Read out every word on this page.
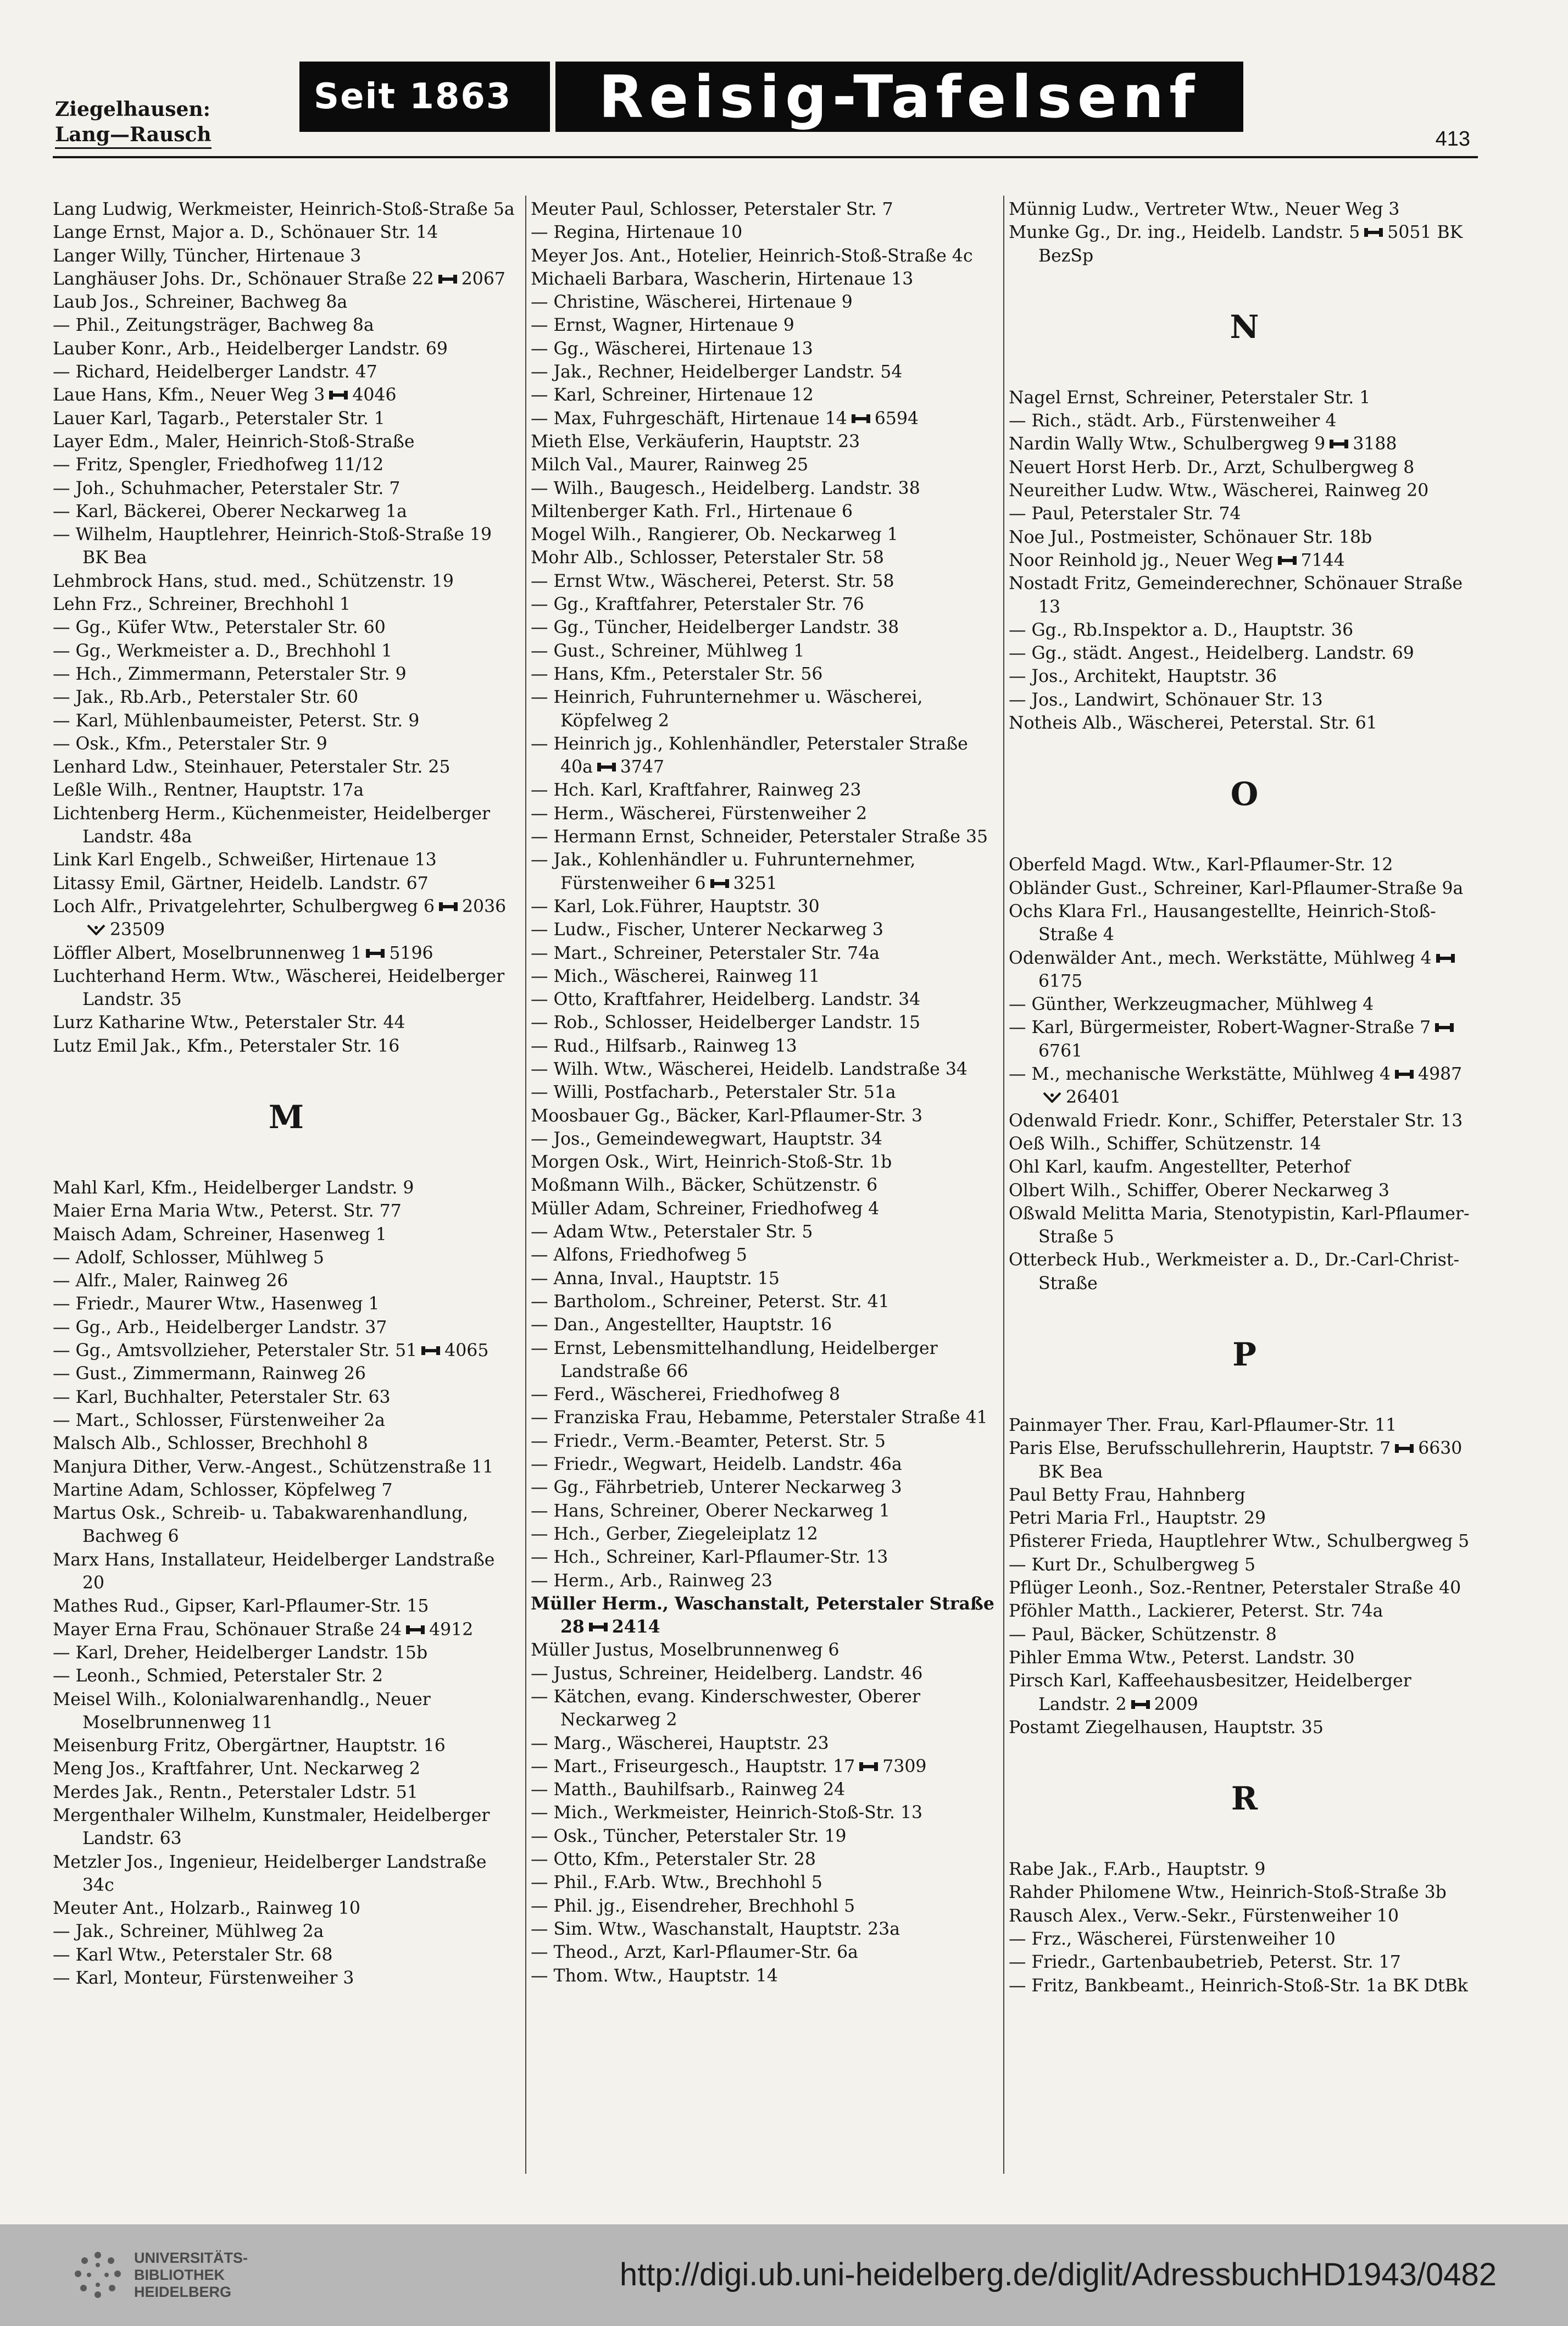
Ziegelhausen:
Lang—Rausch
Seit 1863	Reisig-Tafelsenf
413

Lang Ludwig, Werkmeister, Heinrich-Stoß-Straße 5a

Lange Ernst, Major a. D., Schönauer Str. 14

Langer Willy, Tüncher, Hirtenaue 3

Langhäuser Johs. Dr., Schönauer Straße 22 2067

Laub Jos., Schreiner, Bachweg 8a

— Phil., Zeitungsträger, Bachweg 8a

Lauber Konr., Arb., Heidelberger Landstr. 69

— Richard, Heidelberger Landstr. 47

Laue Hans, Kfm., Neuer Weg 3 4046

Lauer Karl, Tagarb., Peterstaler Str. 1

Layer Edm., Maler, Heinrich-Stoß-Straße

— Fritz, Spengler, Friedhofweg 11/12

— Joh., Schuhmacher, Peterstaler Str. 7

— Karl, Bäckerei, Oberer Neckarweg 1a

— Wilhelm, Hauptlehrer, Heinrich-Stoß-Straße 19 BK Bea

Lehmbrock Hans, stud. med., Schützenstr. 19

Lehn Frz., Schreiner, Brechhohl 1

— Gg., Küfer Wtw., Peterstaler Str. 60

— Gg., Werkmeister a. D., Brechhohl 1

— Hch., Zimmermann, Peterstaler Str. 9

— Jak., Rb.Arb., Peterstaler Str. 60

— Karl, Mühlenbaumeister, Peterst. Str. 9

— Osk., Kfm., Peterstaler Str. 9

Lenhard Ldw., Steinhauer, Peterstaler Str. 25

Leßle Wilh., Rentner, Hauptstr. 17a

Lichtenberg Herm., Küchenmeister, Heidelberger Landstr. 48a

Link Karl Engelb., Schweißer, Hirtenaue 13

Litassy Emil, Gärtner, Heidelb. Landstr. 67

Loch Alfr., Privatgelehrter, Schulbergweg 6 203623509

Löffler Albert, Moselbrunnenweg 1 5196

Luchterhand Herm. Wtw., Wäscherei, Heidelberger Landstr. 35

Lurz Katharine Wtw., Peterstaler Str. 44

Lutz Emil Jak., Kfm., Peterstaler Str. 16

M

Mahl Karl, Kfm., Heidelberger Landstr. 9

Maier Erna Maria Wtw., Peterst. Str. 77

Maisch Adam, Schreiner, Hasenweg 1

— Adolf, Schlosser, Mühlweg 5

— Alfr., Maler, Rainweg 26

— Friedr., Maurer Wtw., Hasenweg 1

— Gg., Arb., Heidelberger Landstr. 37

— Gg., Amtsvollzieher, Peterstaler Str. 51 4065

— Gust., Zimmermann, Rainweg 26

— Karl, Buchhalter, Peterstaler Str. 63

— Mart., Schlosser, Fürstenweiher 2a

Malsch Alb., Schlosser, Brechhohl 8

Manjura Dither, Verw.-Angest., Schützenstraße 11

Martine Adam, Schlosser, Köpfelweg 7

Martus Osk., Schreib- u. Tabakwarenhandlung, Bachweg 6

Marx Hans, Installateur, Heidelberger Landstraße 20

Mathes Rud., Gipser, Karl-Pflaumer-Str. 15

Mayer Erna Frau, Schönauer Straße 24 4912

— Karl, Dreher, Heidelberger Landstr. 15b

— Leonh., Schmied, Peterstaler Str. 2

Meisel Wilh., Kolonialwarenhandlg., Neuer Moselbrunnenweg 11

Meisenburg Fritz, Obergärtner, Hauptstr. 16

Meng Jos., Kraftfahrer, Unt. Neckarweg 2

Merdes Jak., Rentn., Peterstaler Ldstr. 51

Mergenthaler Wilhelm, Kunstmaler, Heidelberger Landstr. 63

Metzler Jos., Ingenieur, Heidelberger Landstraße 34c

Meuter Ant., Holzarb., Rainweg 10

— Jak., Schreiner, Mühlweg 2a

— Karl Wtw., Peterstaler Str. 68

— Karl, Monteur, Fürstenweiher 3

Meuter Paul, Schlosser, Peterstaler Str. 7

— Regina, Hirtenaue 10

Meyer Jos. Ant., Hotelier, Heinrich-Stoß-Straße 4c

Michaeli Barbara, Wascherin, Hirtenaue 13

— Christine, Wäscherei, Hirtenaue 9

— Ernst, Wagner, Hirtenaue 9

— Gg., Wäscherei, Hirtenaue 13

— Jak., Rechner, Heidelberger Landstr. 54

— Karl, Schreiner, Hirtenaue 12

— Max, Fuhrgeschäft, Hirtenaue 14 6594

Mieth Else, Verkäuferin, Hauptstr. 23

Milch Val., Maurer, Rainweg 25

— Wilh., Baugesch., Heidelberg. Landstr. 38

Miltenberger Kath. Frl., Hirtenaue 6

Mogel Wilh., Rangierer, Ob. Neckarweg 1

Mohr Alb., Schlosser, Peterstaler Str. 58

— Ernst Wtw., Wäscherei, Peterst. Str. 58

— Gg., Kraftfahrer, Peterstaler Str. 76

— Gg., Tüncher, Heidelberger Landstr. 38

— Gust., Schreiner, Mühlweg 1

— Hans, Kfm., Peterstaler Str. 56

— Heinrich, Fuhrunternehmer u. Wäscherei, Köpfelweg 2

— Heinrich jg., Kohlenhändler, Peterstaler Straße 40a 3747

— Hch. Karl, Kraftfahrer, Rainweg 23

— Herm., Wäscherei, Fürstenweiher 2

— Hermann Ernst, Schneider, Peterstaler Straße 35

— Jak., Kohlenhändler u. Fuhrunternehmer, Fürstenweiher 6 3251

— Karl, Lok.Führer, Hauptstr. 30

— Ludw., Fischer, Unterer Neckarweg 3

— Mart., Schreiner, Peterstaler Str. 74a

— Mich., Wäscherei, Rainweg 11

— Otto, Kraftfahrer, Heidelberg. Landstr. 34

— Rob., Schlosser, Heidelberger Landstr. 15

— Rud., Hilfsarb., Rainweg 13

— Wilh. Wtw., Wäscherei, Heidelb. Landstraße 34

— Willi, Postfacharb., Peterstaler Str. 51a

Moosbauer Gg., Bäcker, Karl-Pflaumer-Str. 3

— Jos., Gemeindewegwart, Hauptstr. 34

Morgen Osk., Wirt, Heinrich-Stoß-Str. 1b

Moßmann Wilh., Bäcker, Schützenstr. 6

Müller Adam, Schreiner, Friedhofweg 4

— Adam Wtw., Peterstaler Str. 5

— Alfons, Friedhofweg 5

— Anna, Inval., Hauptstr. 15

— Bartholom., Schreiner, Peterst. Str. 41

— Dan., Angestellter, Hauptstr. 16

— Ernst, Lebensmittelhandlung, Heidelberger Landstraße 66

— Ferd., Wäscherei, Friedhofweg 8

— Franziska Frau, Hebamme, Peterstaler Straße 41

— Friedr., Verm.-Beamter, Peterst. Str. 5

— Friedr., Wegwart, Heidelb. Landstr. 46a

— Gg., Fährbetrieb, Unterer Neckarweg 3

— Hans, Schreiner, Oberer Neckarweg 1

— Hch., Gerber, Ziegeleiplatz 12

— Hch., Schreiner, Karl-Pflaumer-Str. 13

— Herm., Arb., Rainweg 23

Müller Herm., Waschanstalt, Peterstaler Straße 28 2414

Müller Justus, Moselbrunnenweg 6

— Justus, Schreiner, Heidelberg. Landstr. 46

— Kätchen, evang. Kinderschwester, Oberer Neckarweg 2

— Marg., Wäscherei, Hauptstr. 23

— Mart., Friseurgesch., Hauptstr. 17 7309

— Matth., Bauhilfsarb., Rainweg 24

— Mich., Werkmeister, Heinrich-Stoß-Str. 13

— Osk., Tüncher, Peterstaler Str. 19

— Otto, Kfm., Peterstaler Str. 28

— Phil., F.Arb. Wtw., Brechhohl 5

— Phil. jg., Eisendreher, Brechhohl 5

— Sim. Wtw., Waschanstalt, Hauptstr. 23a

— Theod., Arzt, Karl-Pflaumer-Str. 6a

— Thom. Wtw., Hauptstr. 14

Münnig Ludw., Vertreter Wtw., Neuer Weg 3

Munke Gg., Dr. ing., Heidelb. Landstr. 5 5051 BK BezSp

N

Nagel Ernst, Schreiner, Peterstaler Str. 1

— Rich., städt. Arb., Fürstenweiher 4

Nardin Wally Wtw., Schulbergweg 9 3188

Neuert Horst Herb. Dr., Arzt, Schulbergweg 8

Neureither Ludw. Wtw., Wäscherei, Rainweg 20

— Paul, Peterstaler Str. 74

Noe Jul., Postmeister, Schönauer Str. 18b

Noor Reinhold jg., Neuer Weg 7144

Nostadt Fritz, Gemeinderechner, Schönauer Straße 13

— Gg., Rb.Inspektor a. D., Hauptstr. 36

— Gg., städt. Angest., Heidelberg. Landstr. 69

— Jos., Architekt, Hauptstr. 36

— Jos., Landwirt, Schönauer Str. 13

Notheis Alb., Wäscherei, Peterstal. Str. 61

O

Oberfeld Magd. Wtw., Karl-Pflaumer-Str. 12

Obländer Gust., Schreiner, Karl-Pflaumer-Straße 9a

Ochs Klara Frl., Hausangestellte, Heinrich-Stoß-Straße 4

Odenwälder Ant., mech. Werkstätte, Mühlweg 46175

— Günther, Werkzeugmacher, Mühlweg 4

— Karl, Bürgermeister, Robert-Wagner-Straße 76761

— M., mechanische Werkstätte, Mühlweg 4 498726401

Odenwald Friedr. Konr., Schiffer, Peterstaler Str. 13

Oeß Wilh., Schiffer, Schützenstr. 14

Ohl Karl, kaufm. Angestellter, Peterhof

Olbert Wilh., Schiffer, Oberer Neckarweg 3

Oßwald Melitta Maria, Stenotypistin, Karl-Pflaumer-Straße 5

Otterbeck Hub., Werkmeister a. D., Dr.-Carl-Christ-Straße

P

Painmayer Ther. Frau, Karl-Pflaumer-Str. 11

Paris Else, Berufsschullehrerin, Hauptstr. 7 6630 BK Bea

Paul Betty Frau, Hahnberg

Petri Maria Frl., Hauptstr. 29

Pfisterer Frieda, Hauptlehrer Wtw., Schulbergweg 5

— Kurt Dr., Schulbergweg 5

Pflüger Leonh., Soz.-Rentner, Peterstaler Straße 40

Pföhler Matth., Lackierer, Peterst. Str. 74a

— Paul, Bäcker, Schützenstr. 8

Pihler Emma Wtw., Peterst. Landstr. 30

Pirsch Karl, Kaffeehausbesitzer, Heidelberger Landstr. 2 2009

Postamt Ziegelhausen, Hauptstr. 35

R

Rabe Jak., F.Arb., Hauptstr. 9

Rahder Philomene Wtw., Heinrich-Stoß-Straße 3b

Rausch Alex., Verw.-Sekr., Fürstenweiher 10

— Frz., Wäscherei, Fürstenweiher 10

— Friedr., Gartenbaubetrieb, Peterst. Str. 17

— Fritz, Bankbeamt., Heinrich-Stoß-Str. 1a BK DtBk

UNIVERSITÄTS-
BIBLIOTHEK
HEIDELBERG	http://digi.ub.uni-heidelberg.de/diglit/AdressbuchHD1943/0482
